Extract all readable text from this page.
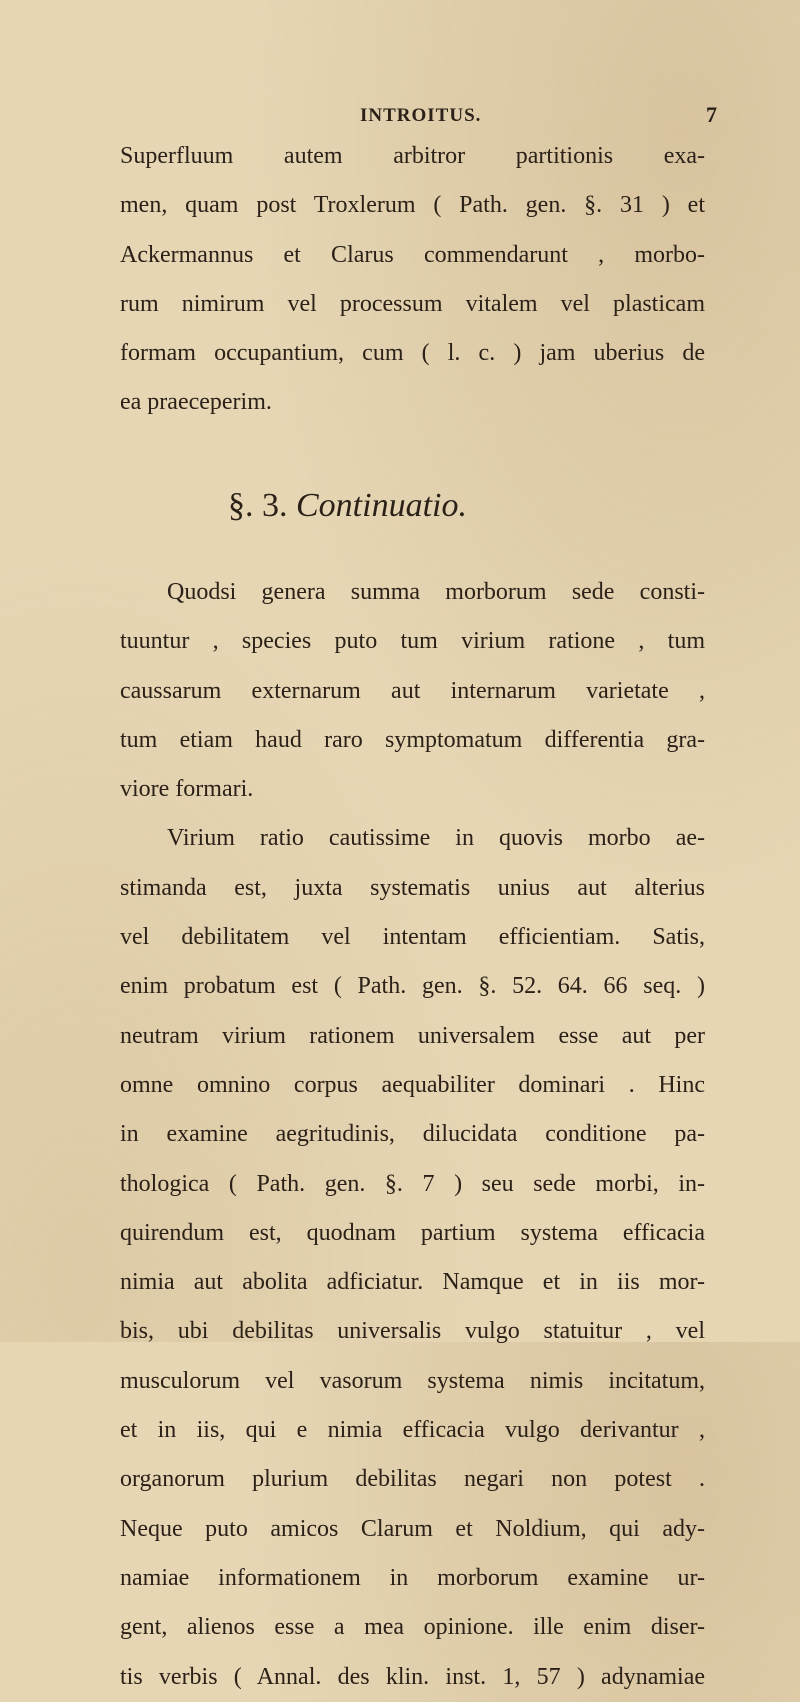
INTROITUS.	7
Superfluum autem arbitror partitionis exa-
men, quam post Troxlerum ( Path. gen. §. 31 ) et
Ackermannus et Clarus commendarunt , morbo-
rum nimirum vel processum vitalem vel plasticam
formam occupantium, cum ( l. c. ) jam uberius de
ea praeceperim.
§. 3. Continuatio.
Quodsi genera summa morborum sede consti-
tuuntur , species puto tum virium ratione , tum
caussarum externarum aut internarum varietate ,
tum etiam haud raro symptomatum differentia gra-
viore formari.
Virium ratio cautissime in quovis morbo ae-
stimanda est, juxta systematis unius aut alterius
vel debilitatem vel intentam efficientiam. Satis,
enim probatum est ( Path. gen. §. 52. 64. 66 seq. )
neutram virium rationem universalem esse aut per
omne omnino corpus aequabiliter dominari . Hinc
in examine aegritudinis, dilucidata conditione pa-
thologica ( Path. gen. §. 7 ) seu sede morbi, in-
quirendum est, quodnam partium systema efficacia
nimia aut abolita adficiatur. Namque et in iis mor-
bis, ubi debilitas universalis vulgo statuitur , vel
musculorum vel vasorum systema nimis incitatum,
et in iis, qui e nimia efficacia vulgo derivantur ,
organorum plurium debilitas negari non potest .
Neque puto amicos Clarum et Noldium, qui ady-
namiae informationem in morborum examine ur-
gent, alienos esse a mea opinione. ille enim diser-
tis verbis ( Annal. des klin. inst. 1, 57 ) adynamiae
